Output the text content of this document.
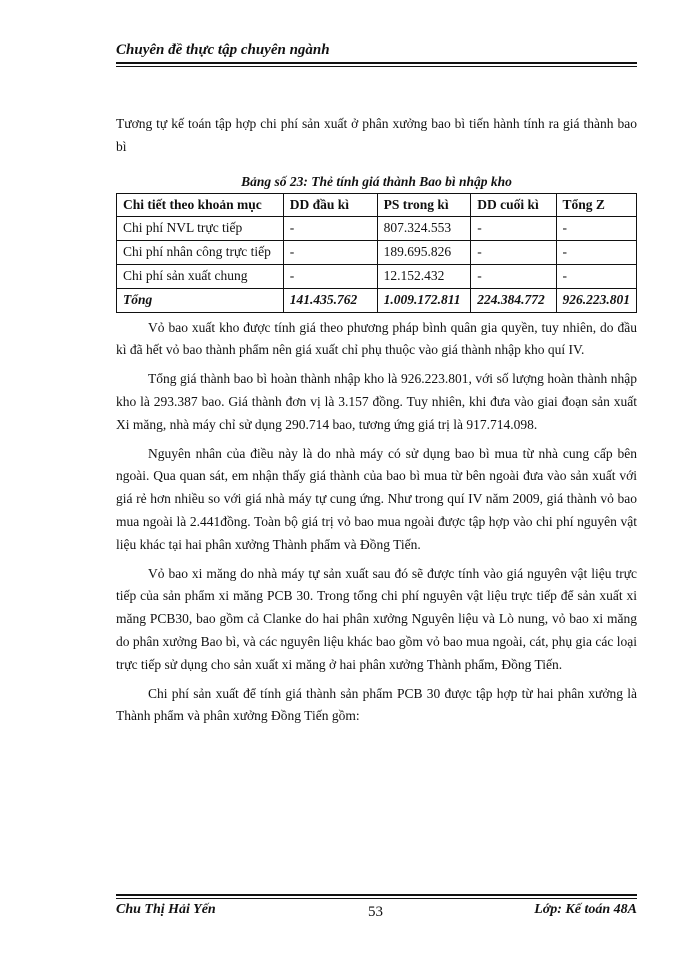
Chuyên đề thực tập chuyên ngành

Tương tự kế toán tập hợp chi phí sản xuất ở phân xưởng bao bì tiến hành tính ra giá thành bao bì

Bảng số 23: Thẻ tính giá thành Bao bì nhập kho
Chi tiết theo khoản mục	DD đầu kì	PS trong kì	DD cuối kì	Tổng Z
Chi phí NVL trực tiếp	-	807.324.553	-	-
Chi phí nhân công trực tiếp	-	189.695.826	-	-
Chi phí sản xuất chung	-	12.152.432	-	-
Tổng	141.435.762	1.009.172.811	224.384.772	926.223.801

Vỏ bao xuất kho được tính giá theo phương pháp bình quân gia quyền, tuy nhiên, do đầu kì đã hết vỏ bao thành phẩm nên giá xuất chỉ phụ thuộc vào giá thành nhập kho quí IV.

Tổng giá thành bao bì hoàn thành nhập kho là 926.223.801, với số lượng hoàn thành nhập kho là 293.387 bao. Giá thành đơn vị là 3.157 đồng. Tuy nhiên, khi đưa vào giai đoạn sản xuất Xi măng, nhà máy chỉ sử dụng 290.714 bao, tương ứng giá trị là 917.714.098.

Nguyên nhân của điều này là do nhà máy có sử dụng bao bì mua từ nhà cung cấp bên ngoài. Qua quan sát, em nhận thấy giá thành của bao bì mua từ bên ngoài đưa vào sản xuất với giá rẻ hơn nhiều so với giá nhà máy tự cung ứng. Như trong quí IV năm 2009, giá thành vỏ bao mua ngoài là 2.441đồng. Toàn bộ giá trị vỏ bao mua ngoài được tập hợp vào chi phí nguyên vật liệu khác tại hai phân xưởng Thành phẩm và Đồng Tiến.

Vỏ bao xi măng do nhà máy tự sản xuất sau đó sẽ được tính vào giá nguyên vật liệu trực tiếp của sản phẩm xi măng PCB 30. Trong tổng chi phí nguyên vật liệu trực tiếp để sản xuất xi măng PCB30, bao gồm cả Clanke do hai phân xưởng Nguyên liệu và Lò nung, vỏ bao xi măng do phân xưởng Bao bì, và các nguyên liệu khác bao gồm vỏ bao mua ngoài, cát, phụ gia các loại trực tiếp sử dụng cho sản xuất xi măng ở hai phân xưởng Thành phẩm, Đồng Tiến.

Chi phí sản xuất để tính giá thành sản phẩm PCB 30 được tập hợp từ hai phân xưởng là Thành phẩm và phân xưởng Đồng Tiến gồm:

Chu Thị Hải Yến	53	Lớp: Kế toán 48A
